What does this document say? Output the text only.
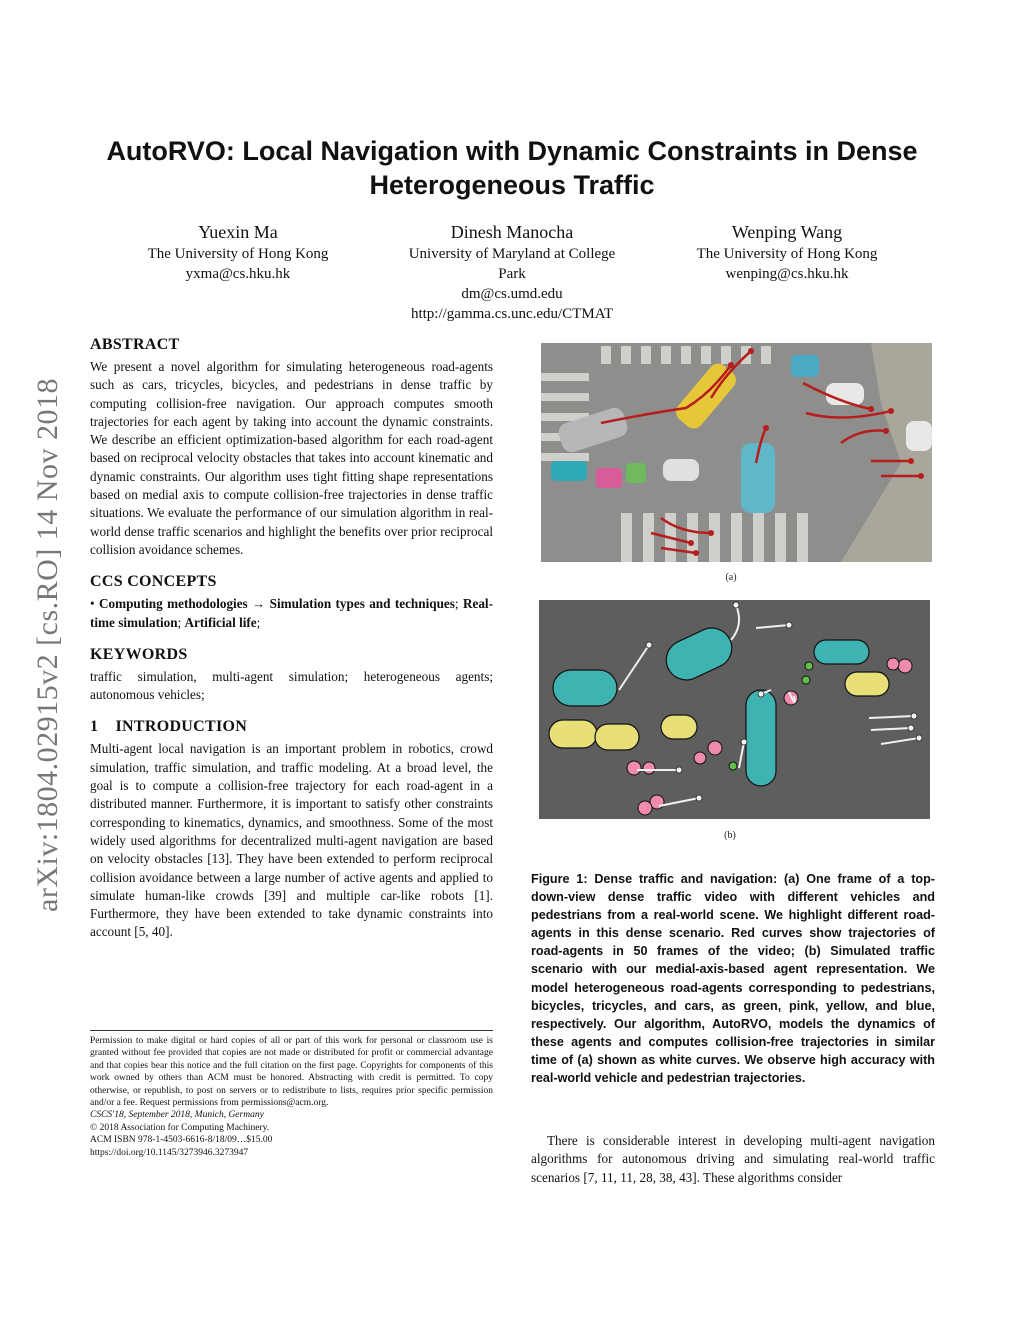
arXiv:1804.02915v2 [cs.RO] 14 Nov 2018
AutoRVO: Local Navigation with Dynamic Constraints in Dense
Heterogeneous Traffic
Yuexin Ma
The University of Hong Kong
yxma@cs.hku.hk
Dinesh Manocha
University of Maryland at College
Park
dm@cs.umd.edu
http://gamma.cs.unc.edu/CTMAT
Wenping Wang
The University of Hong Kong
wenping@cs.hku.hk
ABSTRACT

We present a novel algorithm for simulating heterogeneous road-agents such as cars, tricycles, bicycles, and pedestrians in dense traffic by computing collision-free navigation. Our approach computes smooth trajectories for each agent by taking into account the dynamic constraints. We describe an efficient optimization-based algorithm for each road-agent based on reciprocal velocity obstacles that takes into account kinematic and dynamic constraints. Our algorithm uses tight fitting shape representations based on medial axis to compute collision-free trajectories in dense traffic situations. We evaluate the performance of our simulation algorithm in real-world dense traffic scenarios and highlight the benefits over prior reciprocal collision avoidance schemes.

CCS CONCEPTS

• Computing methodologies → Simulation types and techniques; Real-time simulation; Artificial life;

KEYWORDS

traffic simulation, multi-agent simulation; heterogeneous agents; autonomous vehicles;

1    INTRODUCTION

Multi-agent local navigation is an important problem in robotics, crowd simulation, traffic simulation, and traffic modeling. At a broad level, the goal is to compute a collision-free trajectory for each road-agent in a distributed manner. Furthermore, it is important to satisfy other constraints corresponding to kinematics, dynamics, and smoothness. Some of the most widely used algorithms for decentralized multi-agent navigation are based on velocity obstacles [13]. They have been extended to perform reciprocal collision avoidance between a large number of active agents and applied to simulate human-like crowds [39] and multiple car-like robots [1]. Furthermore, they have been extended to take dynamic constraints into account [5, 40].

Permission to make digital or hard copies of all or part of this work for personal or classroom use is granted without fee provided that copies are not made or distributed for profit or commercial advantage and that copies bear this notice and the full citation on the first page. Copyrights for components of this work owned by others than ACM must be honored. Abstracting with credit is permitted. To copy otherwise, or republish, to post on servers or to redistribute to lists, requires prior specific permission and/or a fee. Request permissions from permissions@acm.org.

CSCS'18, September 2018, Munich, Germany

© 2018 Association for Computing Machinery.

ACM ISBN 978-1-4503-6616-8/18/09…$15.00

https://doi.org/10.1145/3273946.3273947

(a)
(b)

Figure 1: Dense traffic and navigation: (a) One frame of a top-down-view dense traffic video with different vehicles and pedestrians from a real-world scene. We highlight different road-agents in this dense scenario. Red curves show trajectories of road-agents in 50 frames of the video; (b) Simulated traffic scenario with our medial-axis-based agent representation. We model heterogeneous road-agents corresponding to pedestrians, bicycles, tricycles, and cars, as green, pink, yellow, and blue, respectively. Our algorithm, AutoRVO, models the dynamics of these agents and computes collision-free trajectories in similar time of (a) shown as white curves. We observe high accuracy with real-world vehicle and pedestrian trajectories.

There is considerable interest in developing multi-agent navigation algorithms for autonomous driving and simulating real-world traffic scenarios [7, 11, 11, 28, 38, 43]. These algorithms consider
